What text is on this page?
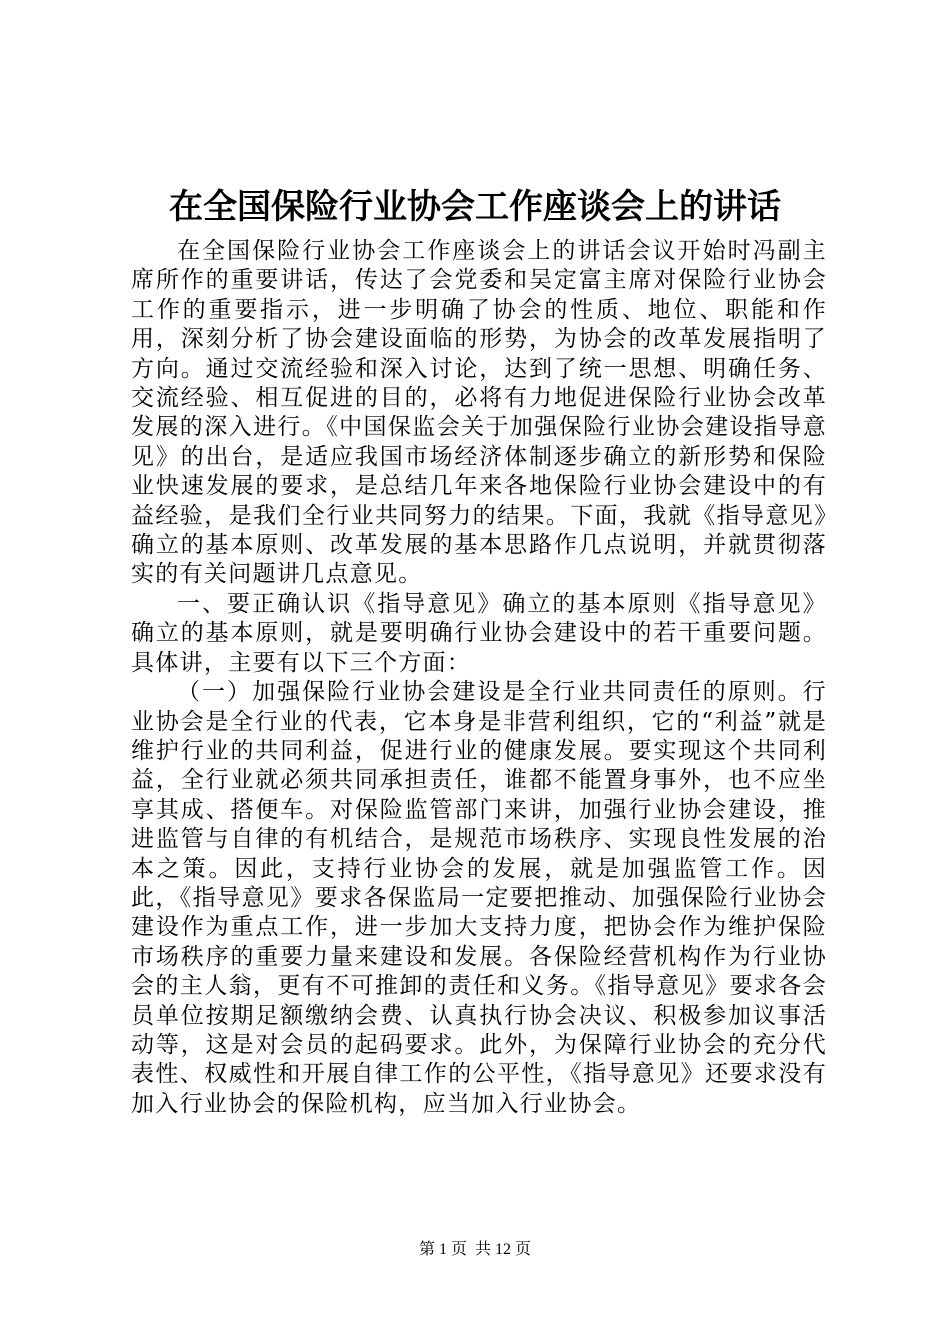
在全国保险行业协会工作座谈会上的讲话

在全国保险行业协会工作座谈会上的讲话会议开始时冯副主席所作的重要讲话，传达了会党委和吴定富主席对保险行业协会工作的重要指示，进一步明确了协会的性质、地位、职能和作用，深刻分析了协会建设面临的形势，为协会的改革发展指明了方向。通过交流经验和深入讨论，达到了统一思想、明确任务、交流经验、相互促进的目的，必将有力地促进保险行业协会改革发展的深入进行。《中国保监会关于加强保险行业协会建设指导意见》的出台，是适应我国市场经济体制逐步确立的新形势和保险业快速发展的要求，是总结几年来各地保险行业协会建设中的有益经验，是我们全行业共同努力的结果。下面，我就《指导意见》确立的基本原则、改革发展的基本思路作几点说明，并就贯彻落实的有关问题讲几点意见。

一、要正确认识《指导意见》确立的基本原则《指导意见》确立的基本原则，就是要明确行业协会建设中的若干重要问题。具体讲，主要有以下三个方面：

（一）加强保险行业协会建设是全行业共同责任的原则。行业协会是全行业的代表，它本身是非营利组织，它的“利益”就是维护行业的共同利益，促进行业的健康发展。要实现这个共同利益，全行业就必须共同承担责任，谁都不能置身事外，也不应坐享其成、搭便车。对保险监管部门来讲，加强行业协会建设，推进监管与自律的有机结合，是规范市场秩序、实现良性发展的治本之策。因此，支持行业协会的发展，就是加强监管工作。因此，《指导意见》要求各保监局一定要把推动、加强保险行业协会建设作为重点工作，进一步加大支持力度，把协会作为维护保险市场秩序的重要力量来建设和发展。各保险经营机构作为行业协会的主人翁，更有不可推卸的责任和义务。《指导意见》要求各会员单位按期足额缴纳会费、认真执行协会决议、积极参加议事活动等，这是对会员的起码要求。此外，为保障行业协会的充分代表性、权威性和开展自律工作的公平性，《指导意见》还要求没有加入行业协会的保险机构，应当加入行业协会。

第 1 页  共 12 页
